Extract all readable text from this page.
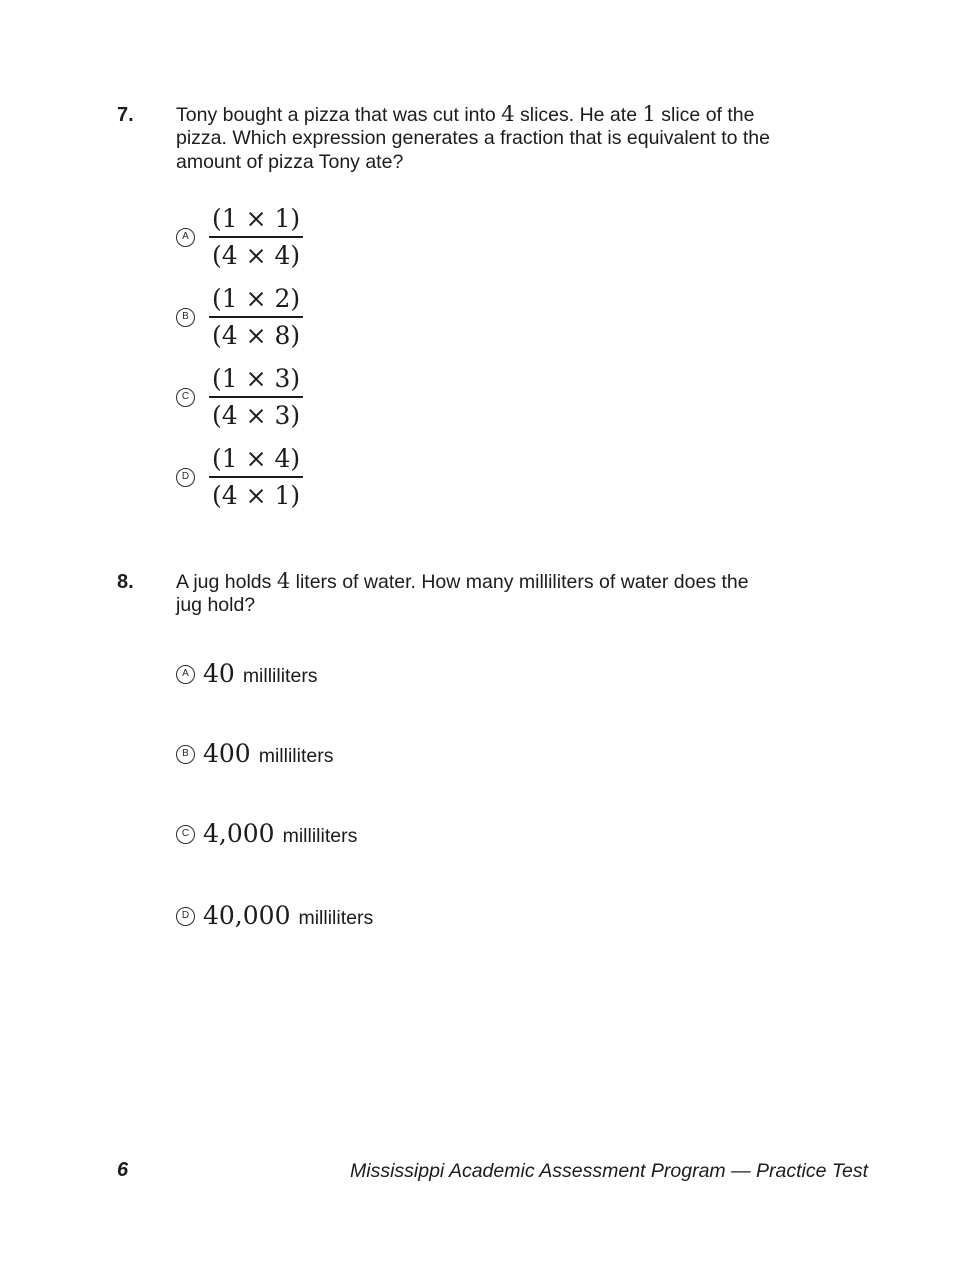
7. Tony bought a pizza that was cut into 4 slices. He ate 1 slice of the
pizza. Which expression generates a fraction that is equivalent to the
amount of pizza Tony ate?
A $\frac{(1 \times 1)}{(4 \times 4)}$
B $\frac{(1 \times 2)}{(4 \times 8)}$
C $\frac{(1 \times 3)}{(4 \times 3)}$
D $\frac{(1 \times 4)}{(4 \times 1)}$
8. A jug holds 4 liters of water. How many milliliters of water does the
jug hold?
A 40 milliliters
B 400 milliliters
C 4,000 milliliters
D 40,000 milliliters
6	Mississippi Academic Assessment Program — Practice Test
